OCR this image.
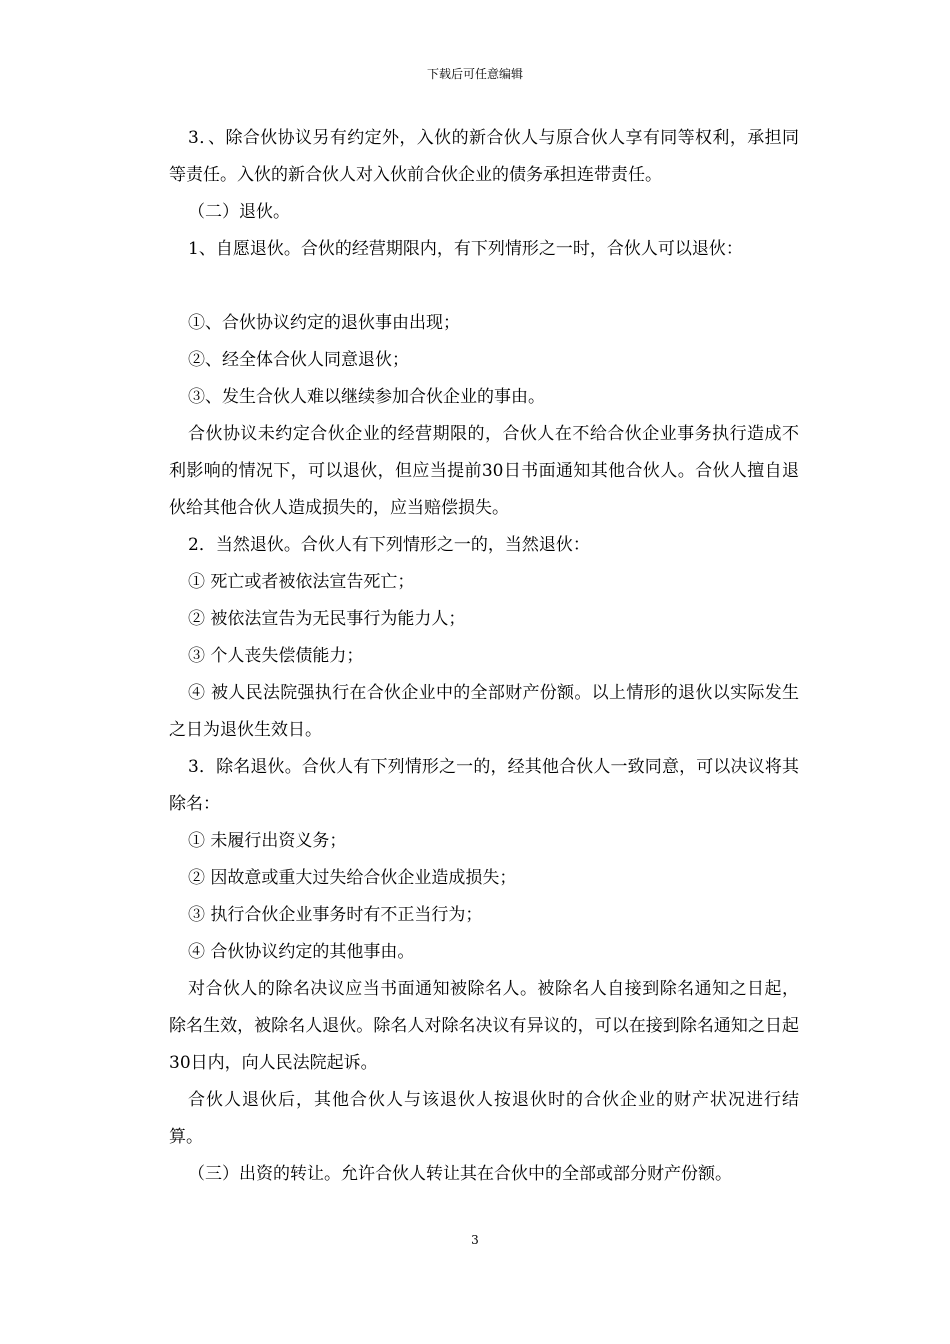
下载后可任意编辑

3．、除合伙协议另有约定外，入伙的新合伙人与原合伙人享有同等权利，承担同等责任。入伙的新合伙人对入伙前合伙企业的债务承担连带责任。

（二）退伙。

1、自愿退伙。合伙的经营期限内，有下列情形之一时，合伙人可以退伙：

①、合伙协议约定的退伙事由出现；

②、经全体合伙人同意退伙；

③、发生合伙人难以继续参加合伙企业的事由。

合伙协议未约定合伙企业的经营期限的，合伙人在不给合伙企业事务执行造成不利影响的情况下，可以退伙，但应当提前30日书面通知其他合伙人。合伙人擅自退伙给其他合伙人造成损失的，应当赔偿损失。

2．当然退伙。合伙人有下列情形之一的，当然退伙：

① 死亡或者被依法宣告死亡；

② 被依法宣告为无民事行为能力人；

③ 个人丧失偿债能力；

④ 被人民法院强执行在合伙企业中的全部财产份额。以上情形的退伙以实际发生之日为退伙生效日。

3．除名退伙。合伙人有下列情形之一的，经其他合伙人一致同意，可以决议将其除名：

① 未履行出资义务；

② 因故意或重大过失给合伙企业造成损失；

③ 执行合伙企业事务时有不正当行为；

④ 合伙协议约定的其他事由。

对合伙人的除名决议应当书面通知被除名人。被除名人自接到除名通知之日起，除名生效，被除名人退伙。除名人对除名决议有异议的，可以在接到除名通知之日起30日内，向人民法院起诉。

合伙人退伙后，其他合伙人与该退伙人按退伙时的合伙企业的财产状况进行结算。

（三）出资的转让。允许合伙人转让其在合伙中的全部或部分财产份额。

3
